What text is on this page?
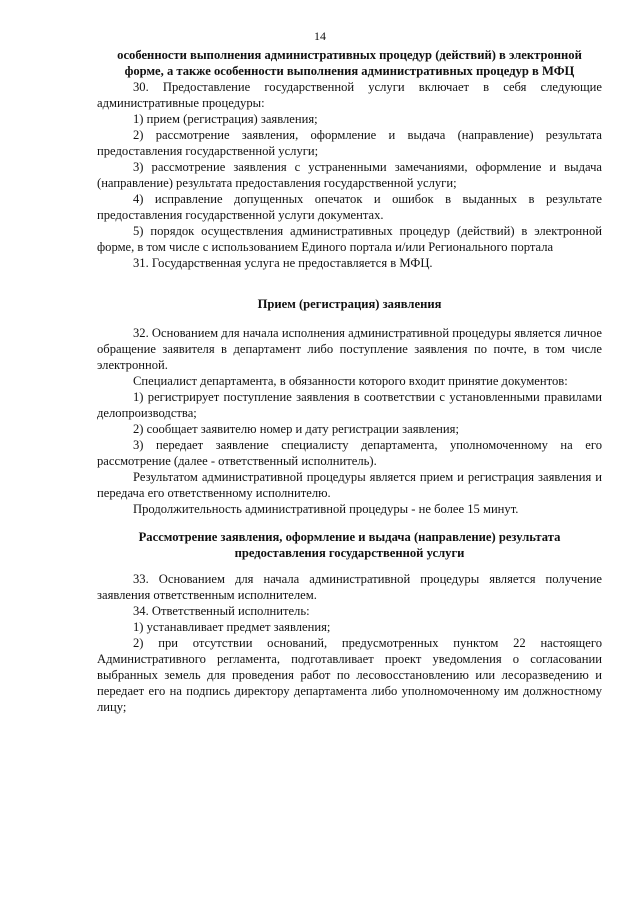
14
особенности выполнения административных процедур (действий) в электронной форме, а также особенности выполнения административных процедур в МФЦ

30. Предоставление государственной услуги включает в себя следующие административные процедуры:

1) прием (регистрация) заявления;

2) рассмотрение заявления, оформление и выдача (направление) результата предоставления государственной услуги;

3) рассмотрение заявления с устраненными замечаниями, оформление и выдача (направление) результата предоставления государственной услуги;

4) исправление допущенных опечаток и ошибок в выданных в результате предоставления государственной услуги документах.

5) порядок осуществления административных процедур (действий) в электронной форме, в том числе с использованием Единого портала и/или Регионального портала

31. Государственная услуга не предоставляется в МФЦ.

Прием (регистрация) заявления

32. Основанием для начала исполнения административной процедуры является личное обращение заявителя в департамент либо поступление заявления по почте, в том числе электронной.

Специалист департамента, в обязанности которого входит принятие документов:

1) регистрирует поступление заявления в соответствии с установленными правилами делопроизводства;

2) сообщает заявителю номер и дату регистрации заявления;

3) передает заявление специалисту департамента, уполномоченному на его рассмотрение (далее - ответственный исполнитель).

Результатом административной процедуры является прием и регистрация заявления и передача его ответственному исполнителю.

Продолжительность административной процедуры - не более 15 минут.

Рассмотрение заявления, оформление и выдача (направление) результата предоставления государственной услуги

33. Основанием для начала административной процедуры является получение заявления ответственным исполнителем.

34. Ответственный исполнитель:

1) устанавливает предмет заявления;

2) при отсутствии оснований, предусмотренных пунктом 22 настоящего Административного регламента, подготавливает проект уведомления о согласовании выбранных земель для проведения работ по лесовосстановлению или лесоразведению и передает его на подпись директору департамента либо уполномоченному им должностному лицу;
